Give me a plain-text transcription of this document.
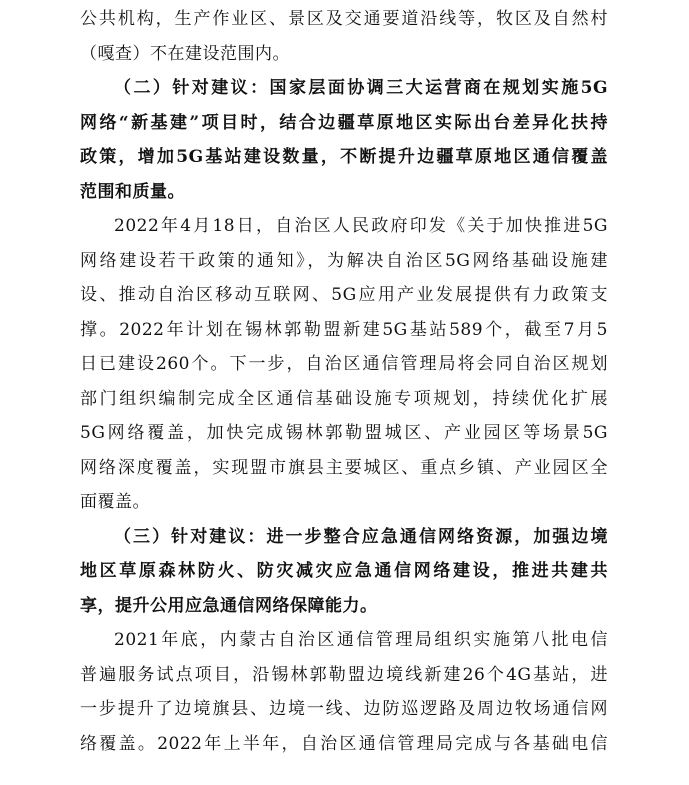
公共机构，生产作业区、景区及交通要道沿线等，牧区及自然村
（嘎查）不在建设范围内。
（二）针对建议：国家层面协调三大运营商在规划实施5G
网络“新基建”项目时，结合边疆草原地区实际出台差异化扶持
政策，增加5G基站建设数量，不断提升边疆草原地区通信覆盖
范围和质量。
2022年4月18日，自治区人民政府印发《关于加快推进5G
网络建设若干政策的通知》，为解决自治区5G网络基础设施建
设、推动自治区移动互联网、5G应用产业发展提供有力政策支
撑。2022年计划在锡林郭勒盟新建5G基站589个，截至7月5
日已建设260个。下一步，自治区通信管理局将会同自治区规划
部门组织编制完成全区通信基础设施专项规划，持续优化扩展
5G网络覆盖，加快完成锡林郭勒盟城区、产业园区等场景5G
网络深度覆盖，实现盟市旗县主要城区、重点乡镇、产业园区全
面覆盖。
（三）针对建议：进一步整合应急通信网络资源，加强边境
地区草原森林防火、防灾减灾应急通信网络建设，推进共建共
享，提升公用应急通信网络保障能力。
2021年底，内蒙古自治区通信管理局组织实施第八批电信
普遍服务试点项目，沿锡林郭勒盟边境线新建26个4G基站，进
一步提升了边境旗县、边境一线、边防巡逻路及周边牧场通信网
络覆盖。2022年上半年，自治区通信管理局完成与各基础电信
